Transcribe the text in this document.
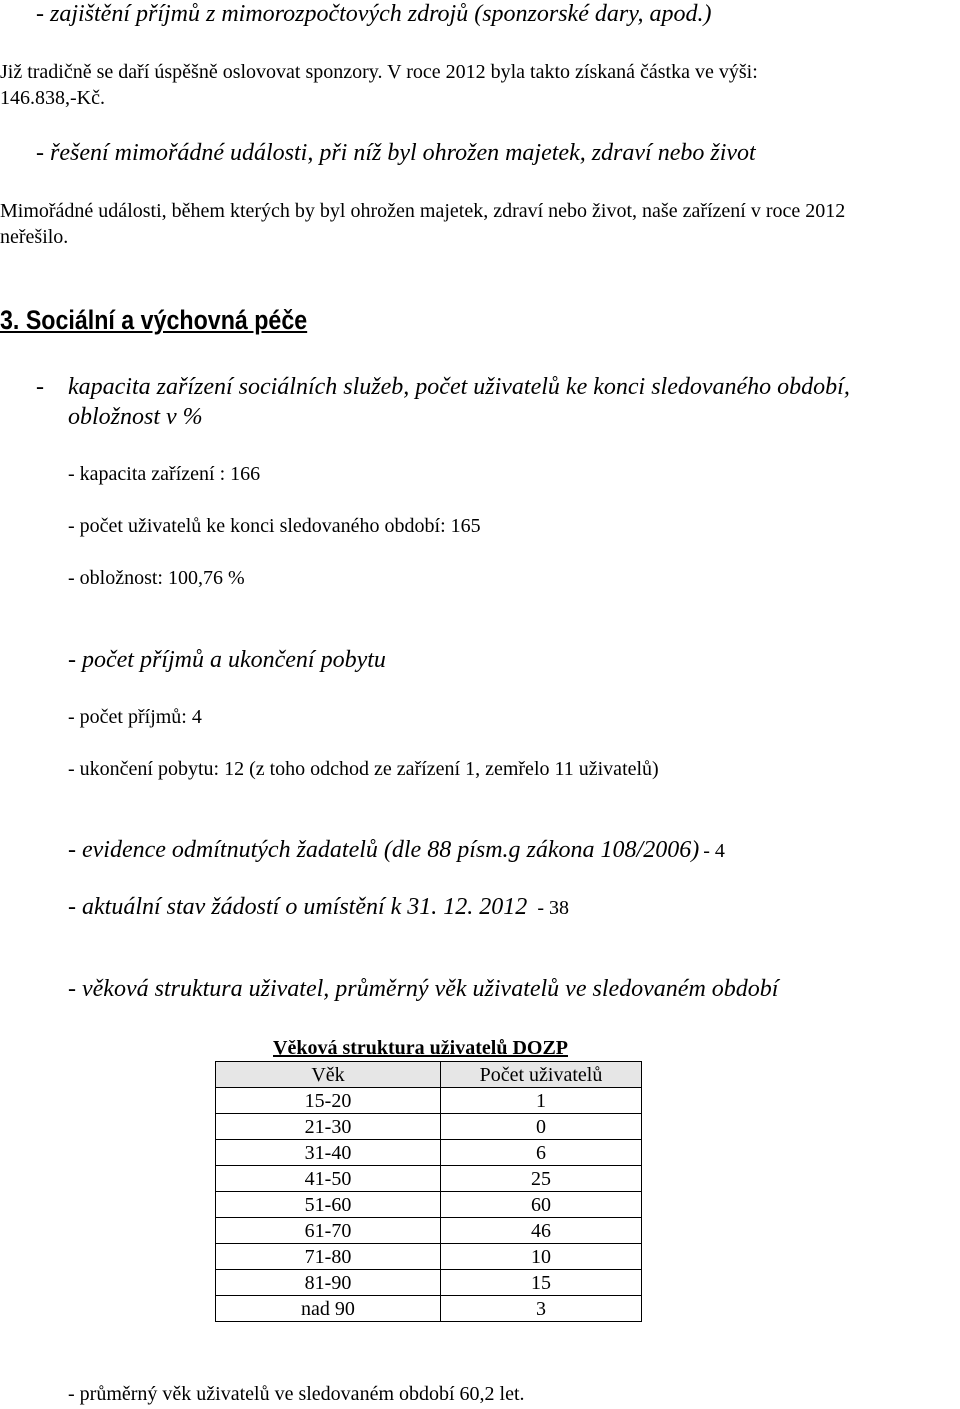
- zajištění příjmů z mimorozpočtových zdrojů (sponzorské dary, apod.)
Již tradičně se daří úspěšně oslovovat sponzory. V roce 2012 byla takto získaná částka ve výši:
146.838,-Kč.
- řešení mimořádné události, při níž byl ohrožen majetek, zdraví nebo život
Mimořádné události, během kterých by byl ohrožen majetek, zdraví nebo život, naše zařízení v roce 2012
neřešilo.
3. Sociální a výchovná péče
- kapacita zařízení sociálních služeb, počet uživatelů ke konci sledovaného období,
obložnost v %
- kapacita zařízení : 166
- počet uživatelů ke konci sledovaného období: 165
- obložnost: 100,76 %
- počet příjmů a ukončení pobytu
- počet příjmů: 4
- ukončení pobytu: 12 (z toho odchod ze zařízení 1, zemřelo 11 uživatelů)
- evidence odmítnutých žadatelů (dle 88 písm.g zákona 108/2006) - 4
- aktuální stav žádostí o umístění k 31. 12. 2012 - 38
- věková struktura uživatel, průměrný věk uživatelů ve sledovaném období
Věková struktura uživatelů DOZP
Věk	Počet uživatelů
15-20	1
21-30	0
31-40	6
41-50	25
51-60	60
61-70	46
71-80	10
81-90	15
nad 90	3
- průměrný věk uživatelů ve sledovaném období 60,2 let.
